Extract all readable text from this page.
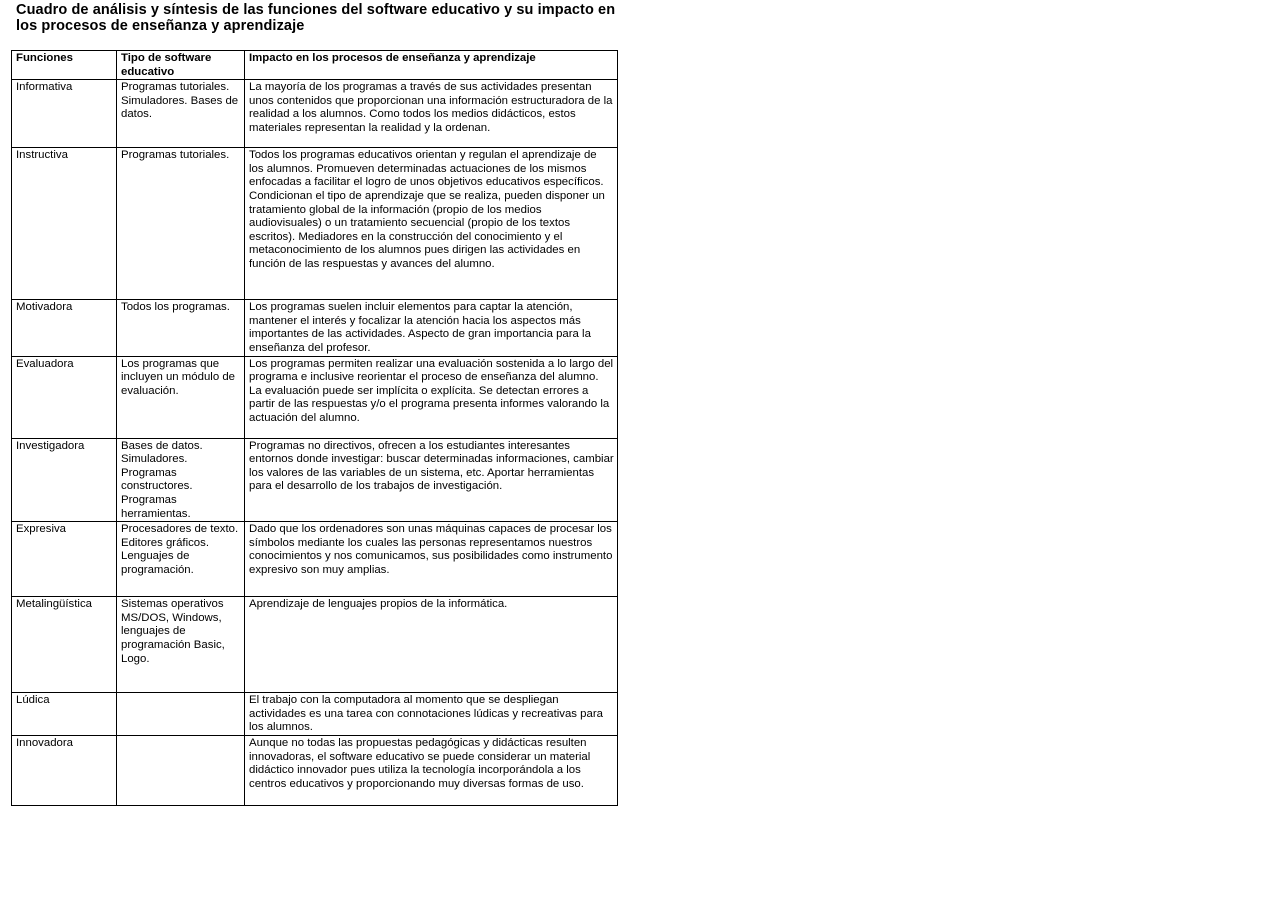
Cuadro de análisis y síntesis de las funciones del software educativo y su impacto en los procesos de enseñanza y aprendizaje
Funciones	Tipo de software educativo	Impacto en los procesos de enseñanza y aprendizaje
Informativa	Programas tutoriales. Simuladores. Bases de datos.	La mayoría de los programas a través de sus actividades presentan unos contenidos que proporcionan una información estructuradora de la realidad a los alumnos. Como todos los medios didácticos, estos materiales representan la realidad y la ordenan.
Instructiva	Programas tutoriales.	Todos los programas educativos orientan y regulan el aprendizaje de los alumnos. Promueven determinadas actuaciones de los mismos enfocadas a facilitar el logro de unos objetivos educativos específicos. Condicionan el tipo de aprendizaje que se realiza, pueden disponer un tratamiento global de la información (propio de los medios audiovisuales) o un tratamiento secuencial (propio de los textos escritos). Mediadores en la construcción del conocimiento y el metaconocimiento de los alumnos pues dirigen las actividades en función de las respuestas y avances del alumno.
Motivadora	Todos los programas.	Los programas suelen incluir elementos para captar la atención, mantener el interés y focalizar la atención hacia los aspectos más importantes de las actividades. Aspecto de gran importancia para la enseñanza del profesor.
Evaluadora	Los programas que incluyen un módulo de evaluación.	Los programas permiten realizar una evaluación sostenida a lo largo del programa e inclusive reorientar el proceso de enseñanza del alumno. La evaluación puede ser implícita o explícita. Se detectan errores a partir de las respuestas y/o el programa presenta informes valorando la actuación del alumno.
Investigadora	Bases de datos. Simuladores. Programas constructores. Programas herramientas.	Programas no directivos, ofrecen a los estudiantes interesantes entornos donde investigar: buscar determinadas informaciones, cambiar los valores de las variables de un sistema, etc. Aportar herramientas para el desarrollo de los trabajos de investigación.
Expresiva	Procesadores de texto. Editores gráficos. Lenguajes de programación.	Dado que los ordenadores son unas máquinas capaces de procesar los símbolos mediante los cuales las personas representamos nuestros conocimientos y nos comunicamos, sus posibilidades como instrumento expresivo son muy amplias.
Metalingüística	Sistemas operativos MS/DOS, Windows, lenguajes de programación Basic, Logo.	Aprendizaje de lenguajes propios de la informática.
Lúdica		El trabajo con la computadora al momento que se despliegan actividades es una tarea con connotaciones lúdicas y recreativas para los alumnos.
Innovadora		Aunque no todas las propuestas pedagógicas y didácticas resulten innovadoras, el software educativo se puede considerar un material didáctico innovador pues utiliza la tecnología incorporándola a los centros educativos y proporcionando muy diversas formas de uso.
